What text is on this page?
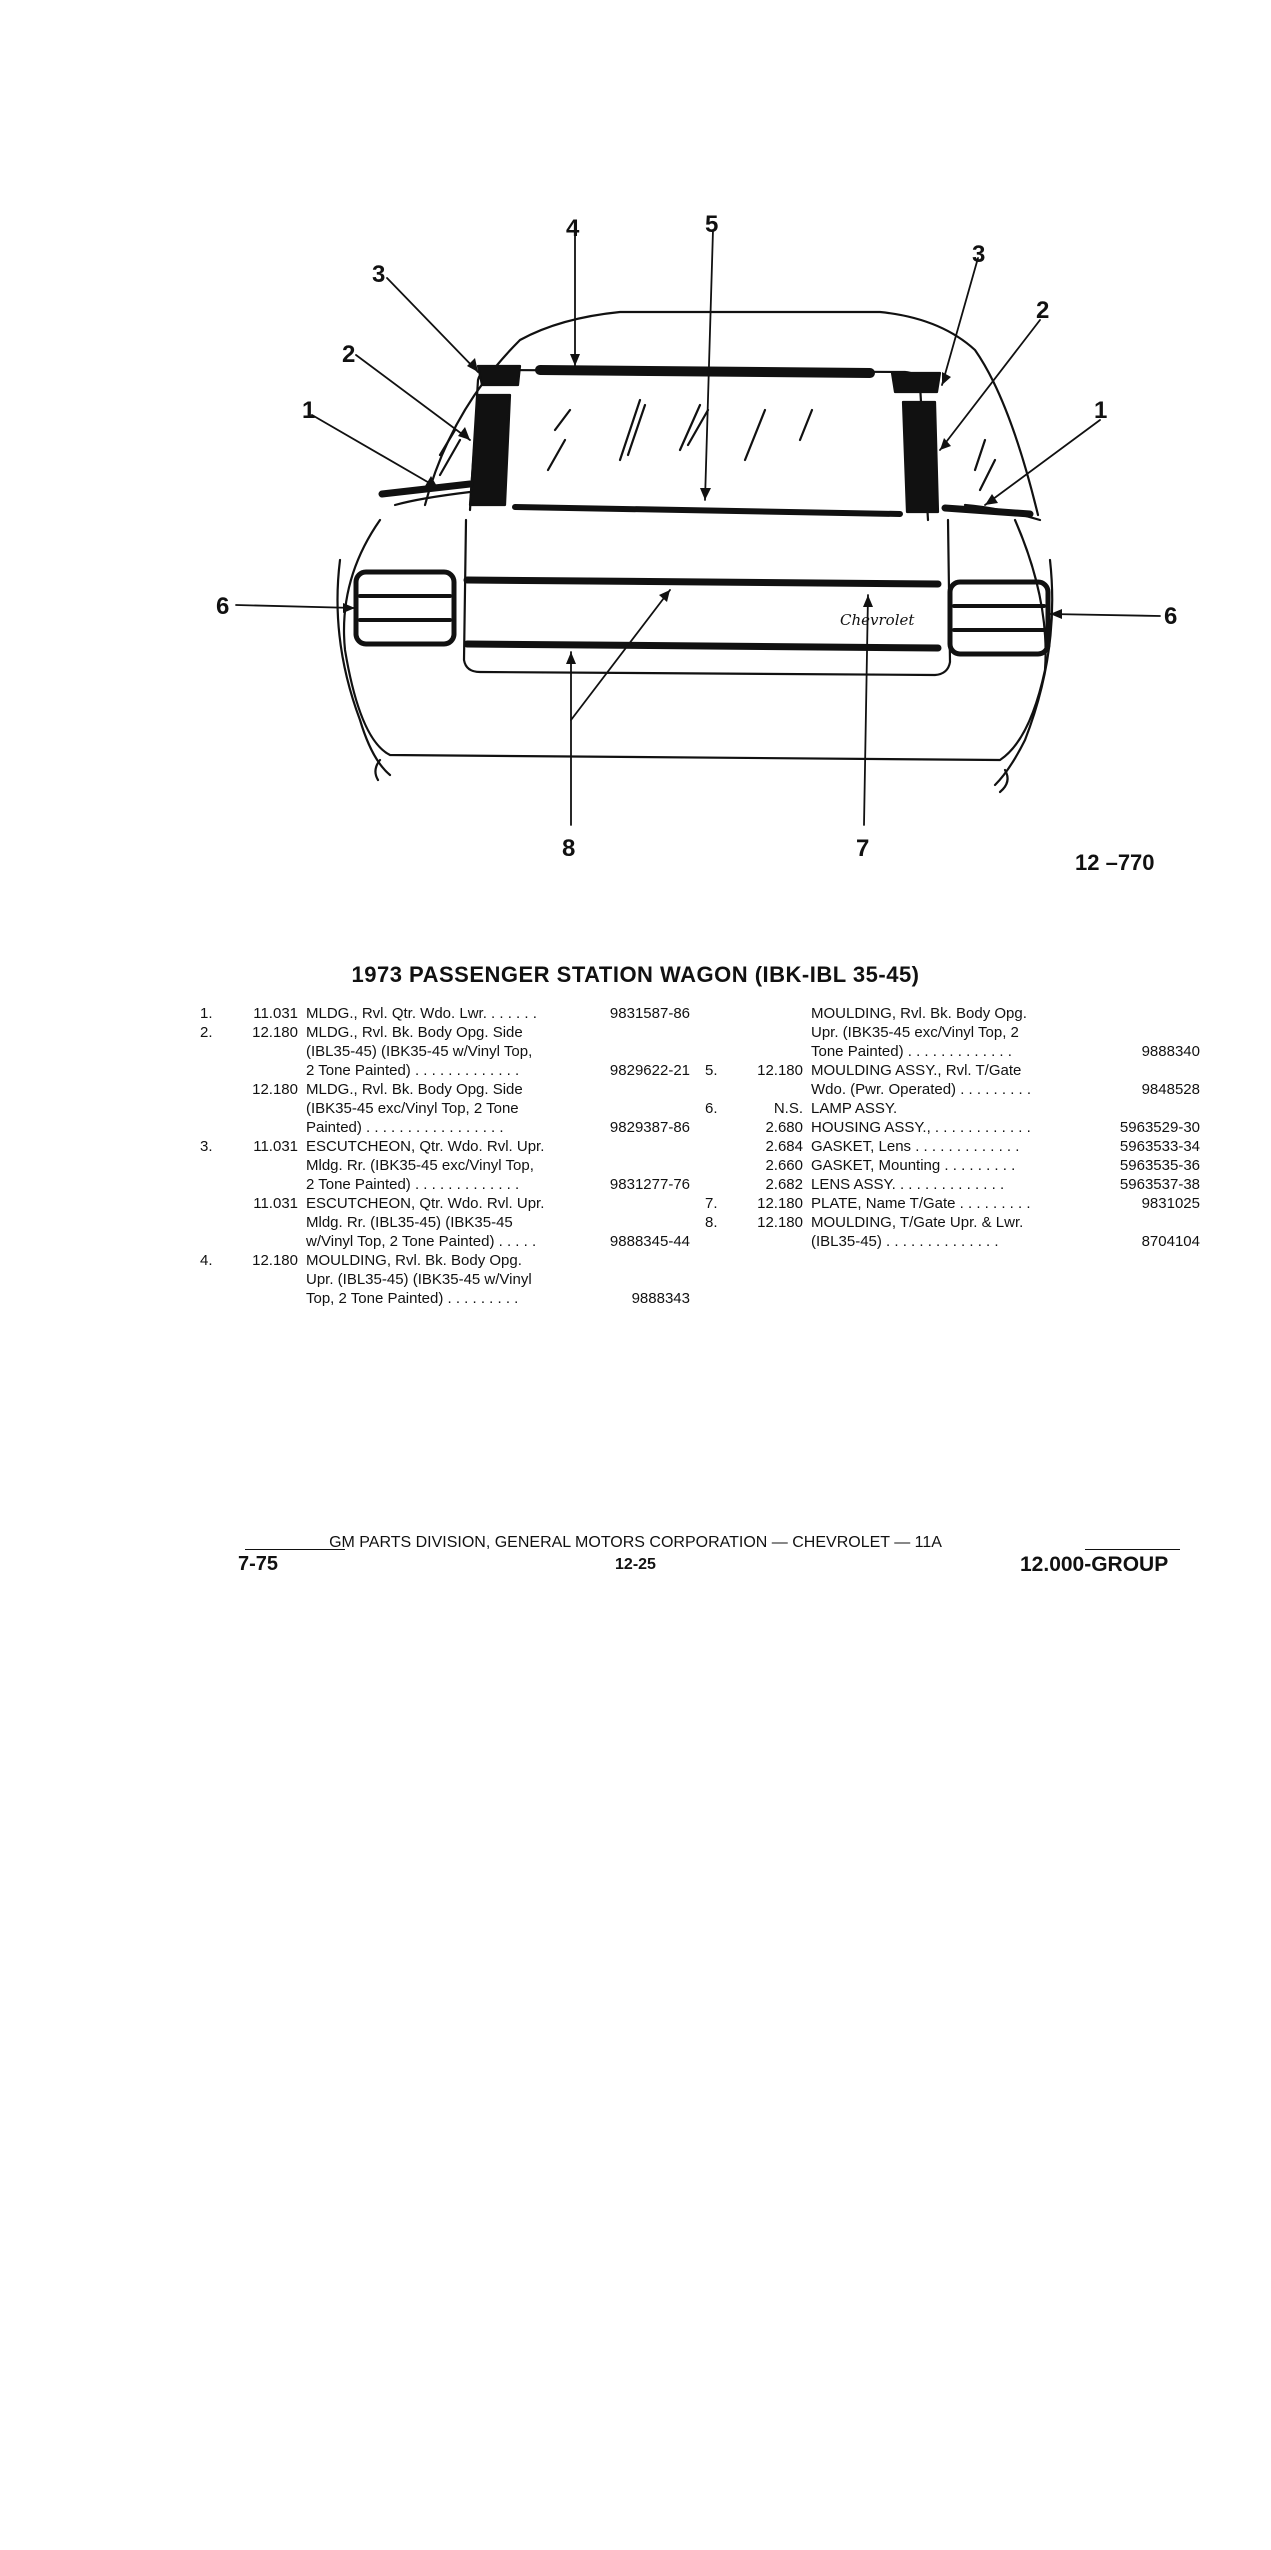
1
2
3
4	5
3
2
1
6	6
8	7
Chevrolet
12 –770
1973 PASSENGER STATION WAGON (IBK-IBL 35-45)
1.	11.031 MLDG., Rvl. Qtr. Wdo. Lwr. . . . . . .	9831587-86
2.	12.180 MLDG., Rvl. Bk. Body Opg. Side
(IBL35-45) (IBK35-45 w/Vinyl Top,
2 Tone Painted) . . . . . . . . . . . . .	9829622-21
12.180 MLDG., Rvl. Bk. Body Opg. Side
(IBK35-45 exc/Vinyl Top, 2 Tone
Painted) . . . . . . . . . . . . . . . . .	9829387-86
3.	11.031 ESCUTCHEON, Qtr. Wdo. Rvl. Upr.
Mldg. Rr. (IBK35-45 exc/Vinyl Top,
2 Tone Painted) . . . . . . . . . . . . .	9831277-76
11.031 ESCUTCHEON, Qtr. Wdo. Rvl. Upr.
Mldg. Rr. (IBL35-45) (IBK35-45
w/Vinyl Top, 2 Tone Painted) . . . . .	9888345-44
4.	12.180 MOULDING, Rvl. Bk. Body Opg.
Upr. (IBL35-45) (IBK35-45 w/Vinyl
Top, 2 Tone Painted) . . . . . . . . .	9888343
MOULDING, Rvl. Bk. Body Opg.
Upr. (IBK35-45 exc/Vinyl Top, 2
Tone Painted) . . . . . . . . . . . . .	9888340
5.	12.180 MOULDING ASSY., Rvl. T/Gate
Wdo. (Pwr. Operated) . . . . . . . . .	9848528
6.	N.S. LAMP ASSY.
2.680 HOUSING ASSY., . . . . . . . . . . . .	5963529-30
2.684 GASKET, Lens . . . . . . . . . . . . .	5963533-34
2.660 GASKET, Mounting . . . . . . . . .	5963535-36
2.682 LENS ASSY. . . . . . . . . . . . . .	5963537-38
7.	12.180 PLATE, Name T/Gate . . . . . . . . .	9831025
8.	12.180 MOULDING, T/Gate Upr. & Lwr.
(IBL35-45) . . . . . . . . . . . . . .	8704104
GM PARTS DIVISION, GENERAL MOTORS CORPORATION — CHEVROLET — 11A
12-25
7-75	12.000-GROUP
